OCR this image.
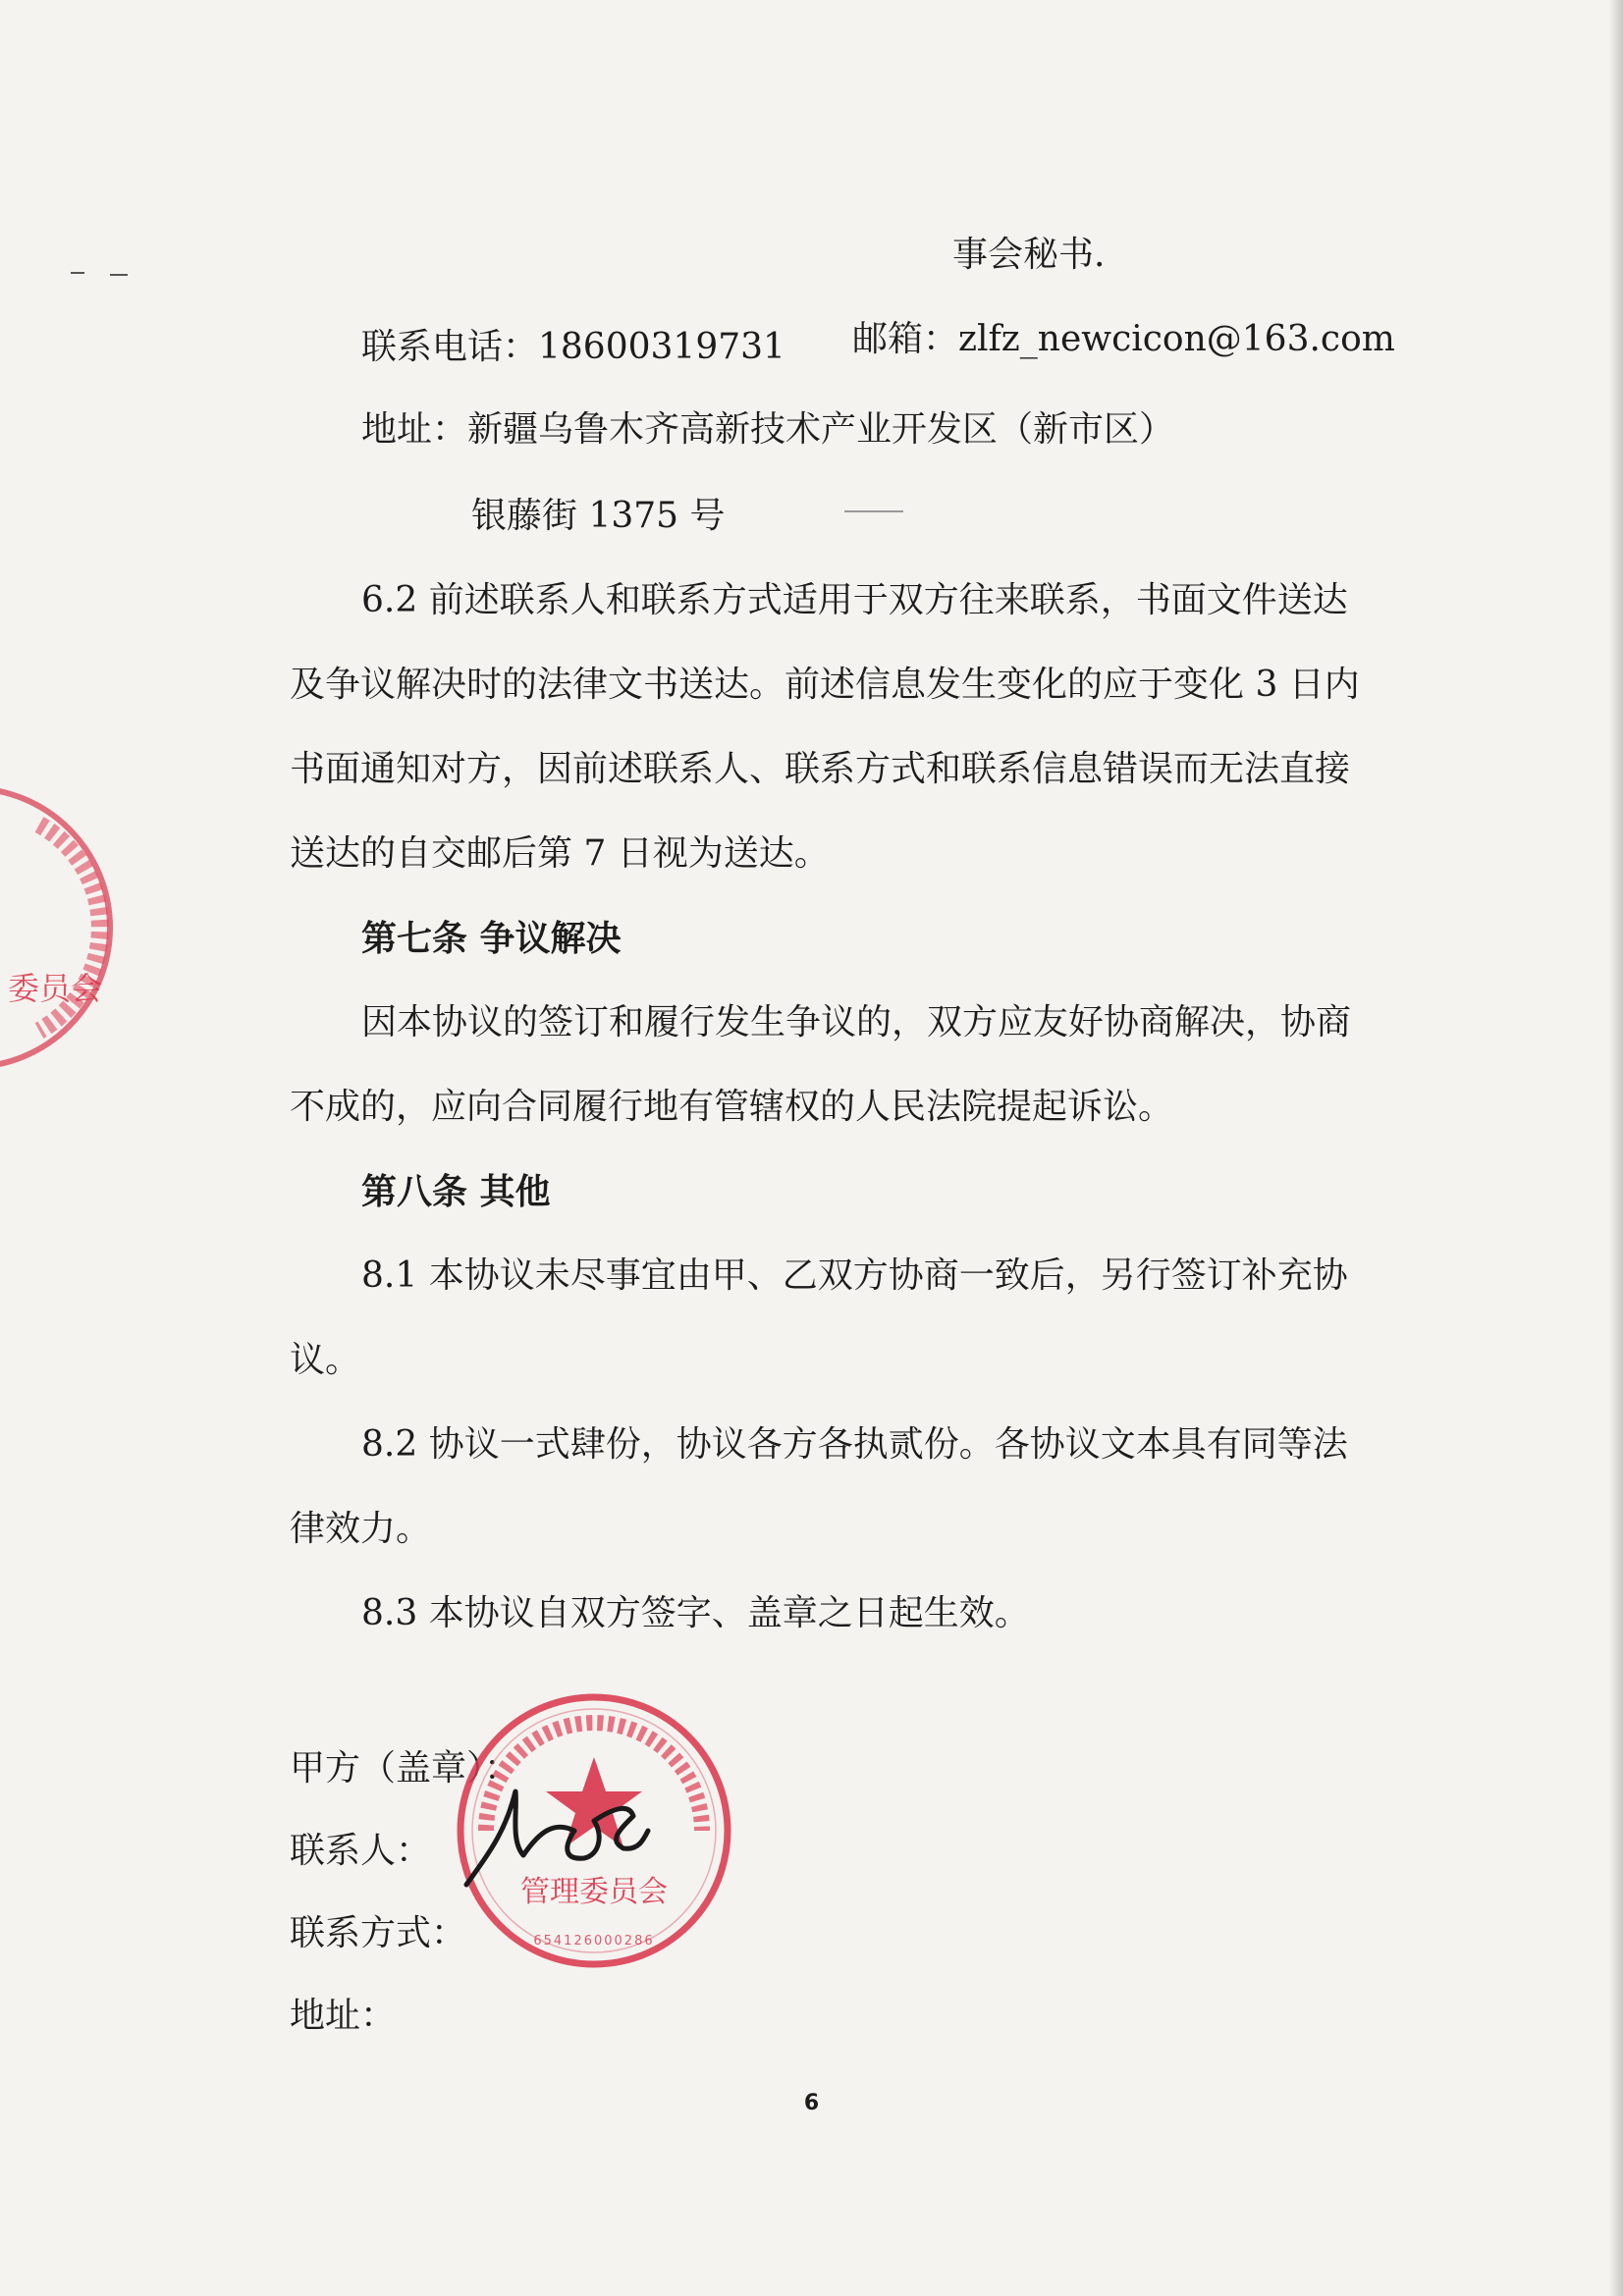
事会秘书.
联系电话：18600319731 邮箱：zlfz_newcicon@163.com
地址：新疆乌鲁木齐高新技术产业开发区（新市区）
银藤街 1375 号
6.2 前述联系人和联系方式适用于双方往来联系，书面文件送达
及争议解决时的法律文书送达。前述信息发生变化的应于变化 3 日内
书面通知对方，因前述联系人、联系方式和联系信息错误而无法直接
送达的自交邮后第 7 日视为送达。
第七条 争议解决
因本协议的签订和履行发生争议的，双方应友好协商解决，协商
不成的，应向合同履行地有管辖权的人民法院提起诉讼。
第八条 其他
8.1 本协议未尽事宜由甲、乙双方协商一致后，另行签订补充协
议。
8.2 协议一式肆份，协议各方各执贰份。各协议文本具有同等法
律效力。
8.3 本协议自双方签字、盖章之日起生效。
甲方（盖章）：
联系人：
联系方式：
地址：
管理委员会
654126000286
委员会
6
